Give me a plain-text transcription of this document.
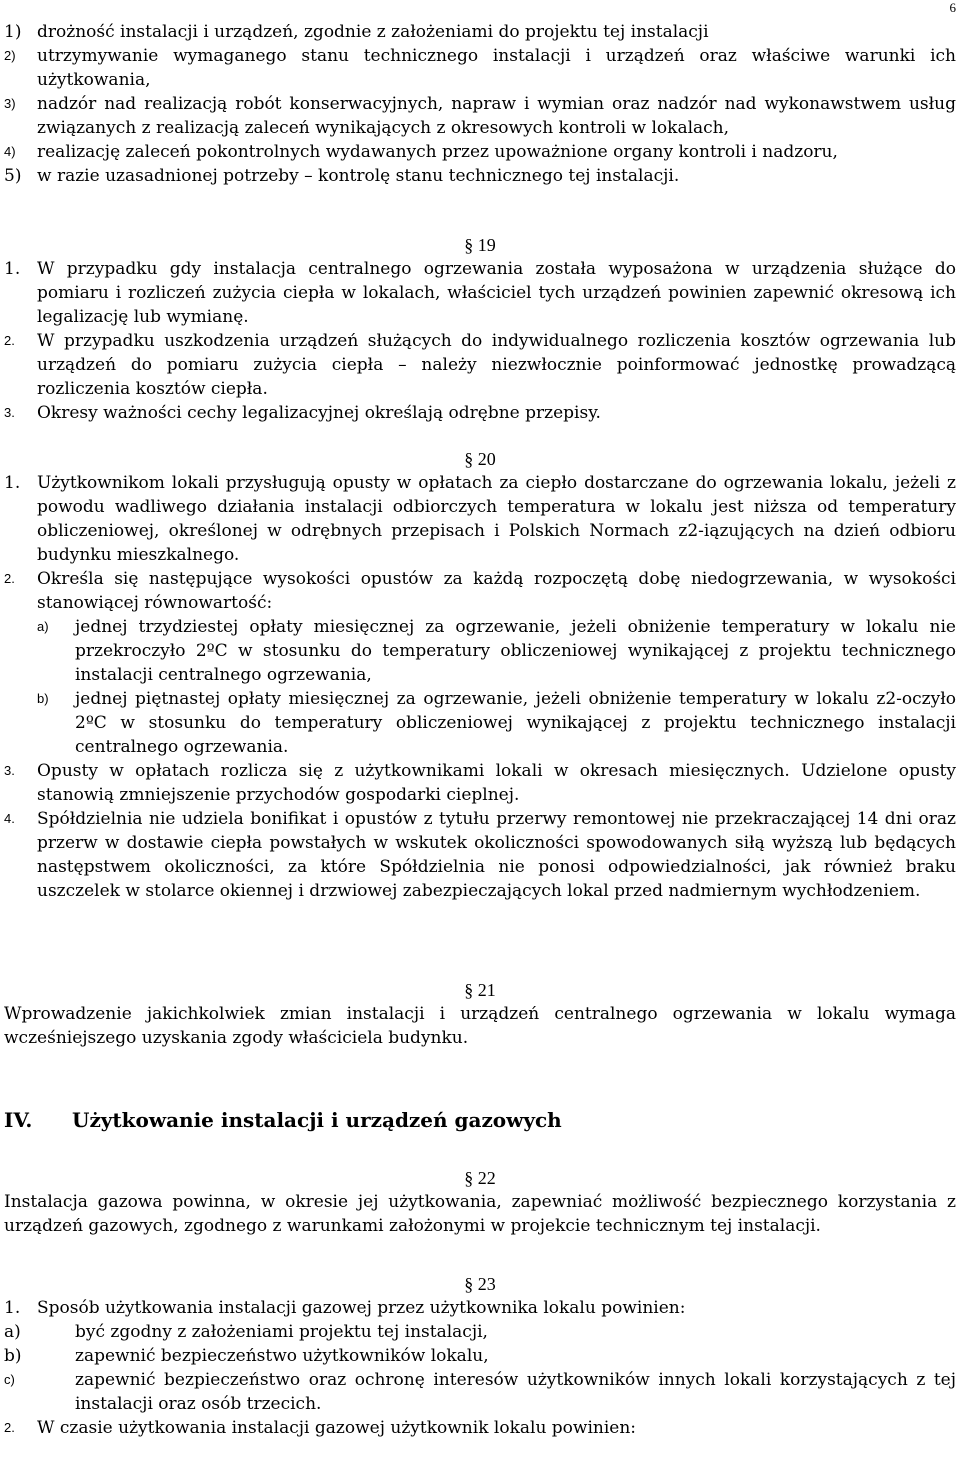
6
1) drożność instalacji i urządzeń, zgodnie z założeniami do projektu tej instalacji
2) utrzymywanie wymaganego stanu technicznego instalacji i urządzeń oraz właściwe warunki ich użytkowania,
3) nadzór nad realizacją robót konserwacyjnych, napraw i wymian oraz nadzór nad wykonawstwem usług związanych z realizacją zaleceń wynikających z okresowych kontroli w lokalach,
4) realizację zaleceń pokontrolnych wydawanych przez upoważnione organy kontroli i nadzoru,
5) w razie uzasadnionej potrzeby – kontrolę stanu technicznego tej instalacji.
§ 19
1. W przypadku gdy instalacja centralnego ogrzewania została wyposażona w urządzenia służące do pomiaru i rozliczeń zużycia ciepła w lokalach, właściciel tych urządzeń powinien zapewnić okresową ich legalizację lub wymianę.
2. W przypadku uszkodzenia urządzeń służących do indywidualnego rozliczenia kosztów ogrzewania lub urządzeń do pomiaru zużycia ciepła – należy niezwłocznie poinformować jednostkę prowadzącą rozliczenia kosztów ciepła.
3. Okresy ważności cechy legalizacyjnej określają odrębne przepisy.
§ 20
1. Użytkownikom lokali przysługują opusty w opłatach za ciepło dostarczane do ogrzewania lokalu, jeżeli z powodu wadliwego działania instalacji odbiorczych temperatura w lokalu jest niższa od temperatury obliczeniowej, określonej w odrębnych przepisach i Polskich Normach z2-iązujących na dzień odbioru budynku mieszkalnego.
2. Określa się następujące wysokości opustów za każdą rozpoczętą dobę niedogrzewania, w wysokości stanowiącej równowartość:
a) jednej trzydziestej opłaty miesięcznej za ogrzewanie, jeżeli obniżenie temperatury w lokalu nie przekroczyło 2ºC w stosunku do temperatury obliczeniowej wynikającej z projektu technicznego instalacji centralnego ogrzewania,
b) jednej piętnastej opłaty miesięcznej za ogrzewanie, jeżeli obniżenie temperatury w lokalu z2-oczyło 2ºC w stosunku do temperatury obliczeniowej wynikającej z projektu technicznego instalacji centralnego ogrzewania.
3. Opusty w opłatach rozlicza się z użytkownikami lokali w okresach miesięcznych. Udzielone opusty stanowią zmniejszenie przychodów gospodarki cieplnej.
4. Spółdzielnia nie udziela bonifikat i opustów z tytułu przerwy remontowej nie przekraczającej 14 dni oraz przerw w dostawie ciepła powstałych w wskutek okoliczności spowodowanych siłą wyższą lub będących następstwem okoliczności, za które Spółdzielnia nie ponosi odpowiedzialności, jak również braku uszczelek w stolarce okiennej i drzwiowej zabezpieczających lokal przed nadmiernym wychłodzeniem.
§ 21
Wprowadzenie jakichkolwiek zmian instalacji i urządzeń centralnego ogrzewania w lokalu wymaga wcześniejszego uzyskania zgody właściciela budynku.
IV. Użytkowanie instalacji i urządzeń gazowych
§ 22
Instalacja gazowa powinna, w okresie jej użytkowania, zapewniać możliwość bezpiecznego korzystania z urządzeń gazowych, zgodnego z warunkami założonymi w projekcie technicznym tej instalacji.
§ 23
1. Sposób użytkowania instalacji gazowej przez użytkownika lokalu powinien:
a)	być zgodny z założeniami projektu tej instalacji,
b)	zapewnić bezpieczeństwo użytkowników lokalu,
c)	zapewnić bezpieczeństwo oraz ochronę interesów użytkowników innych lokali korzystających z tej instalacji oraz osób trzecich.
2. W czasie użytkowania instalacji gazowej użytkownik lokalu powinien:
